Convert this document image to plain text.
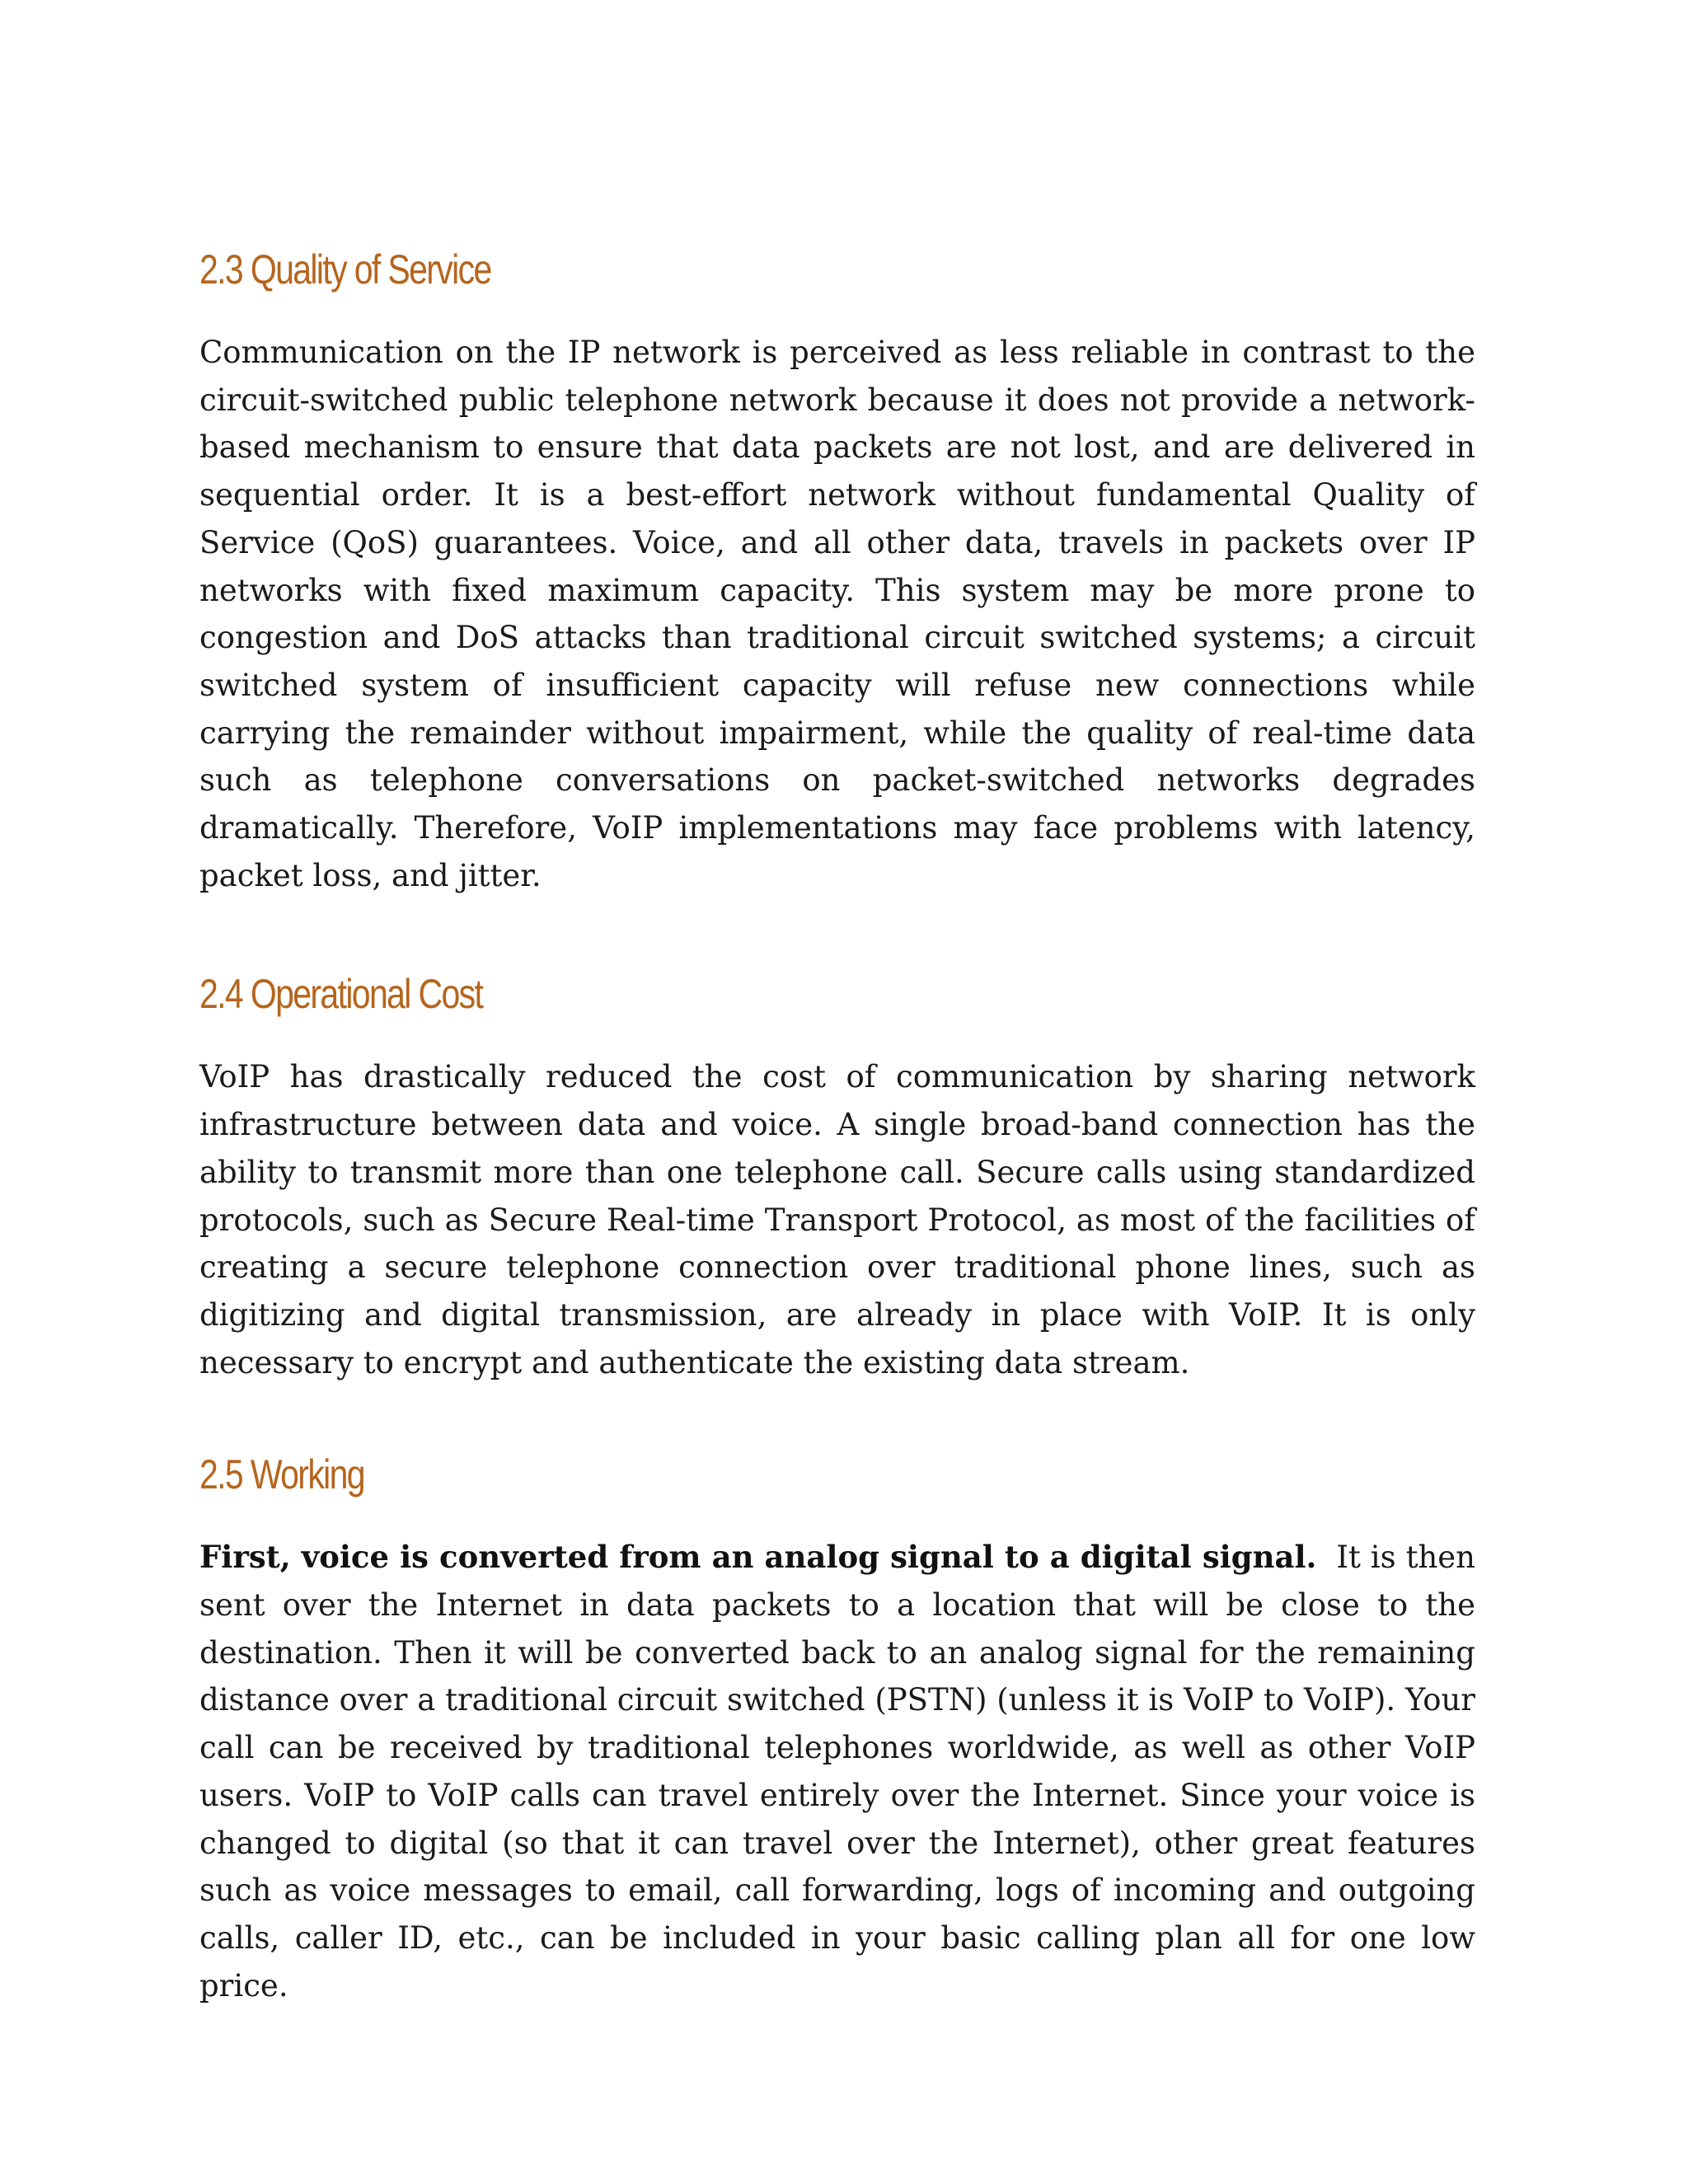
2.3 Quality of Service

Communication on the IP network is perceived as less reliable in contrast to the circuit-switched public telephone network because it does not provide a network-based mechanism to ensure that data packets are not lost, and are delivered in sequential order. It is a best-effort network without fundamental Quality of Service (QoS) guarantees. Voice, and all other data, travels in packets over IP networks with fixed maximum capacity. This system may be more prone to congestion and DoS attacks than traditional circuit switched systems; a circuit switched system of insufficient capacity will refuse new connections while carrying the remainder without impairment, while the quality of real-time data such as telephone conversations on packet-switched networks degrades dramatically. Therefore, VoIP implementations may face problems with latency, packet loss, and jitter.

2.4 Operational Cost

VoIP has drastically reduced the cost of communication by sharing network infrastructure between data and voice. A single broad-band connection has the ability to transmit more than one telephone call. Secure calls using standardized protocols, such as Secure Real-time Transport Protocol, as most of the facilities of creating a secure telephone connection over traditional phone lines, such as digitizing and digital transmission, are already in place with VoIP. It is only necessary to encrypt and authenticate the existing data stream.

2.5 Working

First, voice is converted from an analog signal to a digital signal. It is then sent over the Internet in data packets to a location that will be close to the destination. Then it will be converted back to an analog signal for the remaining distance over a traditional circuit switched (PSTN) (unless it is VoIP to VoIP). Your call can be received by traditional telephones worldwide, as well as other VoIP users. VoIP to VoIP calls can travel entirely over the Internet. Since your voice is changed to digital (so that it can travel over the Internet), other great features such as voice messages to email, call forwarding, logs of incoming and outgoing calls, caller ID, etc., can be included in your basic calling plan all for one low price.
